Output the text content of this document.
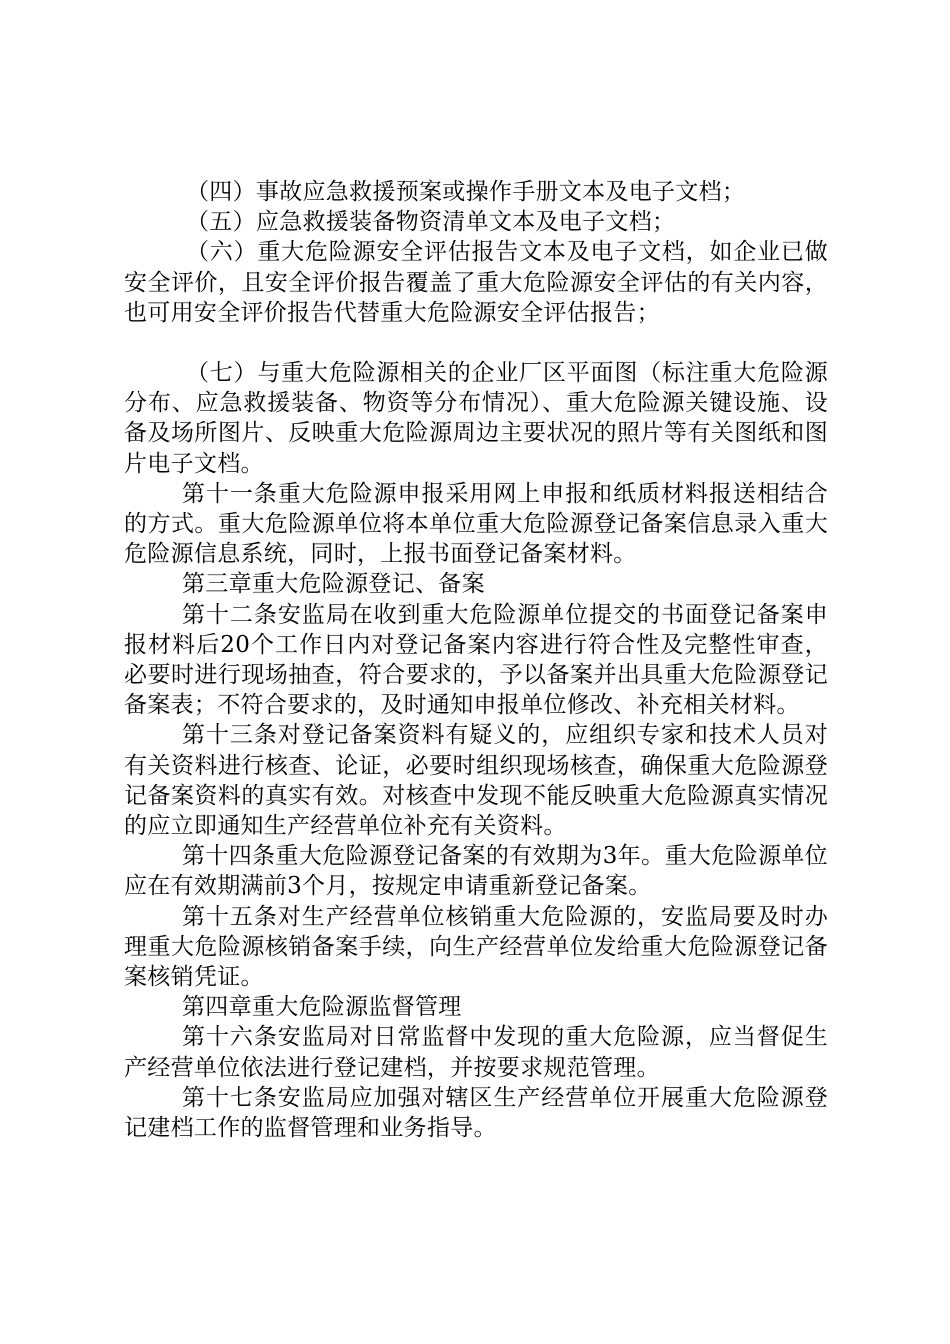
（四）事故应急救援预案或操作手册文本及电子文档；

（五）应急救援装备物资清单文本及电子文档；

（六）重大危险源安全评估报告文本及电子文档，如企业已做安全评价，且安全评价报告覆盖了重大危险源安全评估的有关内容，也可用安全评价报告代替重大危险源安全评估报告；

（七）与重大危险源相关的企业厂区平面图（标注重大危险源分布、应急救援装备、物资等分布情况）、重大危险源关键设施、设备及场所图片、反映重大危险源周边主要状况的照片等有关图纸和图片电子文档。

第十一条重大危险源申报采用网上申报和纸质材料报送相结合的方式。重大危险源单位将本单位重大危险源登记备案信息录入重大危险源信息系统，同时，上报书面登记备案材料。

第三章重大危险源登记、备案

第十二条安监局在收到重大危险源单位提交的书面登记备案申报材料后20个工作日内对登记备案内容进行符合性及完整性审查，必要时进行现场抽查，符合要求的，予以备案并出具重大危险源登记备案表；不符合要求的，及时通知申报单位修改、补充相关材料。

第十三条对登记备案资料有疑义的，应组织专家和技术人员对有关资料进行核查、论证，必要时组织现场核查，确保重大危险源登记备案资料的真实有效。对核查中发现不能反映重大危险源真实情况的应立即通知生产经营单位补充有关资料。

第十四条重大危险源登记备案的有效期为3年。重大危险源单位应在有效期满前3个月，按规定申请重新登记备案。

第十五条对生产经营单位核销重大危险源的，安监局要及时办理重大危险源核销备案手续，向生产经营单位发给重大危险源登记备案核销凭证。

第四章重大危险源监督管理

第十六条安监局对日常监督中发现的重大危险源，应当督促生产经营单位依法进行登记建档，并按要求规范管理。

第十七条安监局应加强对辖区生产经营单位开展重大危险源登记建档工作的监督管理和业务指导。
